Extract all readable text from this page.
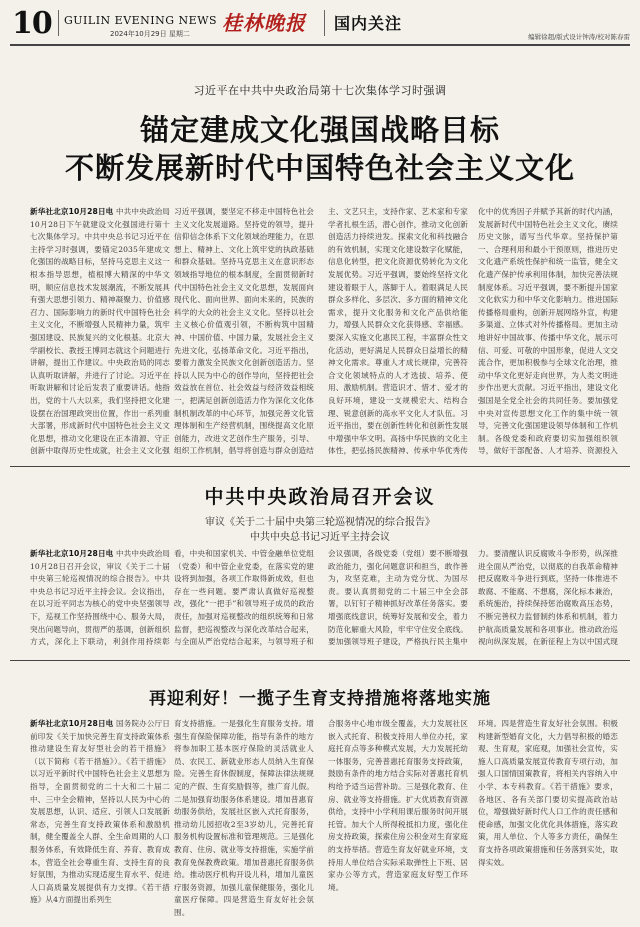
10 GUILIN EVENING NEWS
2024年10月29日 星期二 桂林晚报 国内关注
编辑徐超/版式设计钟涛/校对陈春雷
习近平在中共中央政治局第十七次集体学习时强调
锚定建成文化强国战略目标
不断发展新时代中国特色社会主义文化
新华社北京10月28日电 中共中央政治局10月28日下午就建设文化强国进行第十七次集体学习。中共中央总书记习近平在主持学习时强调，要锚定2035年建成文化强国的战略目标，坚持马克思主义这一根本指导思想，植根博大精深的中华文明，顺应信息技术发展潮流，不断发展具有强大思想引领力、精神凝聚力、价值感召力、国际影响力的新时代中国特色社会主义文化，不断增强人民精神力量，筑牢强国建设、民族复兴的文化根基。北京大学副校长、教授王博同志就这个问题进行讲解，提出工作建议。中央政治局的同志认真听取讲解，并进行了讨论。习近平在听取讲解和讨论后发表了重要讲话。他指出，党的十八大以来，我们坚持把文化建设摆在治国理政突出位置，作出一系列重大部署，形成新时代中国特色社会主义文化思想，推动文化建设在正本清源、守正创新中取得历史性成就，社会主义文化强
习近平强调，要坚定不移走中国特色社会主义文化发展道路。坚持党的领导，提升信仰信念体系下文化领域治理能力，在思想上、精神上、文化上筑牢党的执政基础和群众基础。坚持马克思主义在意识形态领域指导地位的根本制度，全面贯彻新时代中国特色社会主义文化思想，发展面向现代化、面向世界、面向未来的，民族的科学的大众的社会主义文化。坚持以社会主义核心价值观引领，不断构筑中国精神、中国价值、中国力量，发展社会主义先进文化，弘扬革命文化。习近平指出，要着力激发全民族文化创新创造活力。坚持以人民为中心的创作导向，坚持把社会效益放在首位、社会效益与经济效益相统一，把满足创新创造活力作为深化文化体制机制改革的中心环节，加强完善文化管理体制和生产经营机制，围绕提高文化原创能力，改进文艺创作生产服务，引导、组织工作机制，倡导将创造与群众创造结
主、文艺只主，支持作家、艺术家和专家学者扎根生活，潜心创作，推动文化创新创造活力持续迸发。探索文化和科技融合的有效机制，实现文化建设数字化赋能，信息化转型，把文化资源优势转化为文化发展优势。习近平强调，要始终坚持文化建设着眼于人，落脚于人。着眼满足人民群众多样化、多层次、多方面的精神文化需求，提升文化服务和文化产品供给能力，增强人民群众文化获得感、幸福感。要深入实施文化惠民工程，丰富群众性文化活动，更好满足人民群众日益增长的精神文化需求。尊重人才成长规律，完善符合文化领域特点的人才选拔、培养、使用、激励机制。营造识才、惜才、爱才的良好环境，建设一支规模宏大、结构合理、锐意创新的高水平文化人才队伍。习近平指出，要在创新性转化和创新性发展中增强中华文明。高扬中华民族的文化主体性，把弘扬民族精神、传承中华优秀传
化中的优秀因子并赋予其新的时代内涵，发展新时代中国特色社会主义文化，赓续历史文脉，谱写当代华章。坚持保护第一、合理利用和最小干预原则，推进历史文化遗产系统性保护和统一监管，健全文化遗产保护传承利用体制，加快完善法规制度体系。习近平强调，要不断提升国家文化软实力和中华文化影响力。推进国际传播格局重构，创新开展网络外宣，构建多渠道、立体式对外传播格局。更加主动地讲好中国故事、传播中华文化，展示可信、可爱、可敬的中国形象，促进人文交流合作，更加积极参与全球文化治理，推动中华文化更好走向世界，为人类文明进步作出更大贡献。习近平指出，建设文化强国是全党全社会的共同任务。要加强党中央对宣传思想文化工作的集中统一领导，完善文化强国建设领导体制和工作机制。各级党委和政府要切实加强组织领导，做好干部配备、人才培养、资源投入
中共中央政治局召开会议
审议《关于二十届中央第三轮巡视情况的综合报告》
中共中央总书记习近平主持会议
新华社北京10月28日电 中共中央政治局10月28日召开会议，审议《关于二十届中央第三轮巡视情况的综合报告》。中共中央总书记习近平主持会议。会议指出，在以习近平同志为核心的党中央坚强领导下，巡视工作坚持围绕中心、服务大局，突出问题导向，贯彻严的基调，创新组织方式，深化上下联动，利剑作用持续彰
看，中央和国家机关、中管金融单位党组（党委）和中管企业党委，在落实党的建设将到加强，各项工作取得新成效，但也存在一些问题。要严肃认真做好巡视整改，强化“一把手”和领导班子成员的政治责任，加强对巡视整改的组织统筹和日常监督，把巡视整改与深化改革结合起来，与全面从严治党结合起来，与领导班子和
会议强调，各级党委（党组）要不断增强政治能力，强化问题意识和担当，敢作善为，攻坚克难，主动为党分忧、为国尽责。要认真贯彻党的二十届三中全会部署，以钉钉子精神抓好改革任务落实。要增强底线意识，统筹好发展和安全，着力防范化解重大风险，牢牢守住安全底线。要加强领导班子建设，严格执行民主集中
力。要清醒认识反腐败斗争形势，纵深推进全面从严治党，以彻底的自我革命精神把反腐败斗争进行到底，坚持一体推进不敢腐、不能腐、不想腐，深化标本兼治，系统施治，持续保持惩治腐败高压态势，不断完善权力监督制约体系和机制，着力护航高质量发展和各项事业。推动政治巡视向纵深发展，在新征程上为以中国式现
再迎利好！一揽子生育支持措施将落地实施
新华社北京10月28日电 国务院办公厅日前印发《关于加快完善生育支持政策体系推动建设生育友好型社会的若干措施》（以下简称《若干措施》）。《若干措施》以习近平新时代中国特色社会主义思想为指导，全面贯彻党的二十大和二十届二中、三中全会精神，坚持以人民为中心的发展思想，认识、适应、引领人口发展新常态，完善生育支持政策体系和激励机制，健全覆盖全人群、全生命周期的人口服务体系，有效降低生育、养育、教育成本，营造全社会尊重生育、支持生育的良好氛围，为推动实现适度生育水平、促进人口高质量发展提供有力支撑。《若干措施》从4方面提出系列生
育支持措施。一是强化生育服务支持。增强生育保险保障功能，指导有条件的地方将参加职工基本医疗保险的灵活就业人员、农民工、新就业形态人员纳入生育保险。完善生育休假制度，保障法律法规规定的产假、生育奖励假等，推广育儿假。二是加强育幼服务体系建设。增加普惠育幼服务供给，发展社区嵌入式托育服务，推动幼儿园招收2至3岁幼儿，完善托育服务机构设置标准和管理规范。三是强化教育、住房、就业等支持措施，实施学前教育免保教费政策。增加普惠托育服务供给。推动医疗机构开设儿科，增加儿童医疗服务资源，加强儿童保健服务，强化儿童医疗保障。四是营造生育友好社会氛围。
合服务中心地市级全覆盖，大力发展社区嵌入式托育、积极支持用人单位办托，家庭托育点等多种模式发展，大力发展托幼一体服务，完善普惠托育服务支持政策，鼓励有条件的地方结合实际对普惠托育机构给予适当运营补助。三是强化教育、住房、就业等支持措施。扩大优质教育资源供给，支持中小学利用课后服务时间开展托管。加大个人所得税抵扣力度，强化住房支持政策，探索住房公积金对生育家庭的支持举措。营造生育友好就业环境，支持用人单位结合实际采取弹性上下班、居家办公等方式，营造家庭友好型工作环境。
环境。四是营造生育友好社会氛围。积极构建新型婚育文化，大力倡导积极的婚恋观、生育观，家庭观，加强社会宣传，实施人口高质量发展宣传教育专项行动，加强人口国情国策教育，将相关内容纳入中小学、本专科教育。《若干措施》要求，各地区、各有关部门要切实提高政治站位，增强做好新时代人口工作的责任感和使命感，加强文化优化具体措施，落实政策，用人单位、个人等多方责任，确保生育支持各项政策措施和任务落到实处，取得实效。
